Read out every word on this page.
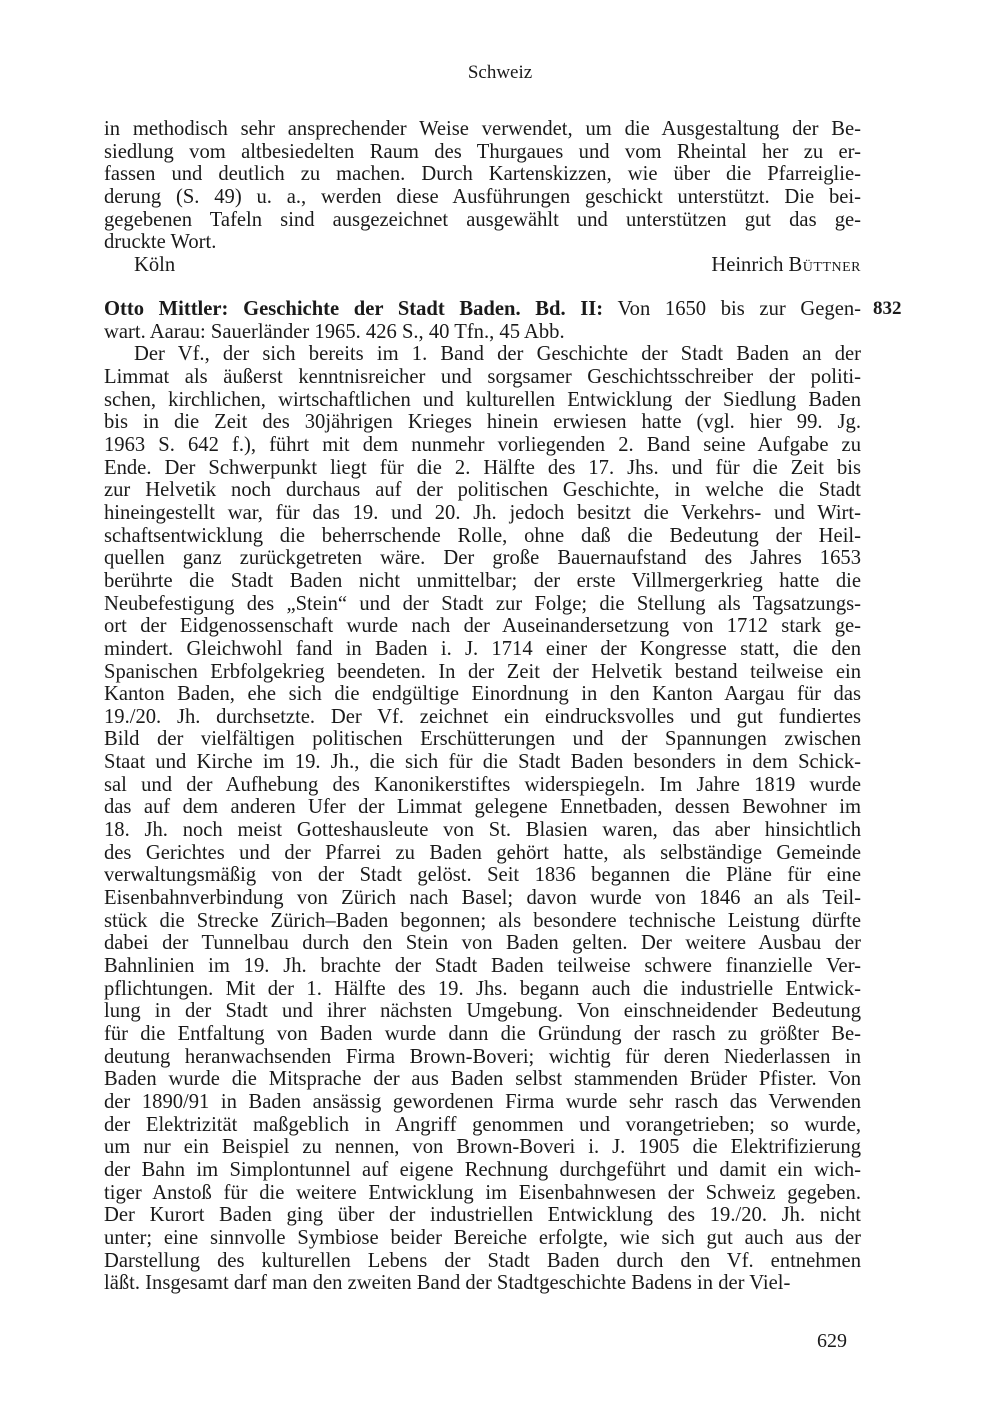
Schweiz
in methodisch sehr ansprechender Weise verwendet, um die Ausgestaltung der Be-
siedlung vom altbesiedelten Raum des Thurgaues und vom Rheintal her zu er-
fassen und deutlich zu machen. Durch Kartenskizzen, wie über die Pfarreiglie-
derung (S. 49) u. a., werden diese Ausführungen geschickt unterstützt. Die bei-
gegebenen Tafeln sind ausgezeichnet ausgewählt und unterstützen gut das ge-
druckte Wort.
Köln	Heinrich Büttner
832
Otto Mittler: Geschichte der Stadt Baden. Bd. II: Von 1650 bis zur Gegen-
wart. Aarau: Sauerländer 1965. 426 S., 40 Tfn., 45 Abb.
Der Vf., der sich bereits im 1. Band der Geschichte der Stadt Baden an der
Limmat als äußerst kenntnisreicher und sorgsamer Geschichtsschreiber der politi-
schen, kirchlichen, wirtschaftlichen und kulturellen Entwicklung der Siedlung Baden
bis in die Zeit des 30jährigen Krieges hinein erwiesen hatte (vgl. hier 99. Jg.
1963 S. 642 f.), führt mit dem nunmehr vorliegenden 2. Band seine Aufgabe zu
Ende. Der Schwerpunkt liegt für die 2. Hälfte des 17. Jhs. und für die Zeit bis
zur Helvetik noch durchaus auf der politischen Geschichte, in welche die Stadt
hineingestellt war, für das 19. und 20. Jh. jedoch besitzt die Verkehrs- und Wirt-
schaftsentwicklung die beherrschende Rolle, ohne daß die Bedeutung der Heil-
quellen ganz zurückgetreten wäre. Der große Bauernaufstand des Jahres 1653
berührte die Stadt Baden nicht unmittelbar; der erste Villmergerkrieg hatte die
Neubefestigung des „Stein“ und der Stadt zur Folge; die Stellung als Tagsatzungs-
ort der Eidgenossenschaft wurde nach der Auseinandersetzung von 1712 stark ge-
mindert. Gleichwohl fand in Baden i. J. 1714 einer der Kongresse statt, die den
Spanischen Erbfolgekrieg beendeten. In der Zeit der Helvetik bestand teilweise ein
Kanton Baden, ehe sich die endgültige Einordnung in den Kanton Aargau für das
19./20. Jh. durchsetzte. Der Vf. zeichnet ein eindrucksvolles und gut fundiertes
Bild der vielfältigen politischen Erschütterungen und der Spannungen zwischen
Staat und Kirche im 19. Jh., die sich für die Stadt Baden besonders in dem Schick-
sal und der Aufhebung des Kanonikerstiftes widerspiegeln. Im Jahre 1819 wurde
das auf dem anderen Ufer der Limmat gelegene Ennetbaden, dessen Bewohner im
18. Jh. noch meist Gotteshausleute von St. Blasien waren, das aber hinsichtlich
des Gerichtes und der Pfarrei zu Baden gehört hatte, als selbständige Gemeinde
verwaltungsmäßig von der Stadt gelöst. Seit 1836 begannen die Pläne für eine
Eisenbahnverbindung von Zürich nach Basel; davon wurde von 1846 an als Teil-
stück die Strecke Zürich–Baden begonnen; als besondere technische Leistung dürfte
dabei der Tunnelbau durch den Stein von Baden gelten. Der weitere Ausbau der
Bahnlinien im 19. Jh. brachte der Stadt Baden teilweise schwere finanzielle Ver-
pflichtungen. Mit der 1. Hälfte des 19. Jhs. begann auch die industrielle Entwick-
lung in der Stadt und ihrer nächsten Umgebung. Von einschneidender Bedeutung
für die Entfaltung von Baden wurde dann die Gründung der rasch zu größter Be-
deutung heranwachsenden Firma Brown-Boveri; wichtig für deren Niederlassen in
Baden wurde die Mitsprache der aus Baden selbst stammenden Brüder Pfister. Von
der 1890/91 in Baden ansässig gewordenen Firma wurde sehr rasch das Verwenden
der Elektrizität maßgeblich in Angriff genommen und vorangetrieben; so wurde,
um nur ein Beispiel zu nennen, von Brown-Boveri i. J. 1905 die Elektrifizierung
der Bahn im Simplontunnel auf eigene Rechnung durchgeführt und damit ein wich-
tiger Anstoß für die weitere Entwicklung im Eisenbahnwesen der Schweiz gegeben.
Der Kurort Baden ging über der industriellen Entwicklung des 19./20. Jh. nicht
unter; eine sinnvolle Symbiose beider Bereiche erfolgte, wie sich gut auch aus der
Darstellung des kulturellen Lebens der Stadt Baden durch den Vf. entnehmen
läßt. Insgesamt darf man den zweiten Band der Stadtgeschichte Badens in der Viel-
629
